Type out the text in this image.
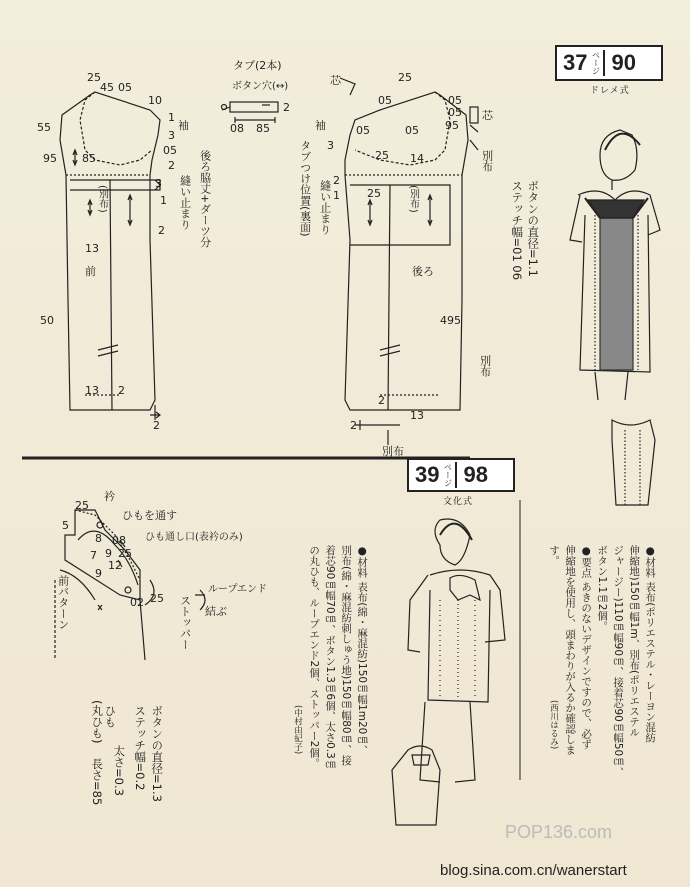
37 ページ 90
ドレメ式
39 ページ 98
文化式
タブ(2本)
ボタン穴(↔)
08 85
2
25
45 05
10
1
55
95 85
3
05
2
3
1
2
13
50
13 2
2
袖
前
(別布)	後ろ脇丈+ダーツ分
縫い止まり
25
05	05
05
95
3
05	05
25
2
14
25
495
2
13
2
1
袖
後ろ
(別布)
タブつけ位置(裏面) 縫い止まり
芯
芯
別布
別布
別布
ボタンの直径=1.1
ステッチ幅=01 06
●材料 表布(ポリエステル・レーヨン混紡
伸縮地)150㎝幅1m、別布(ポリエステル
ジャージー)110㎝幅90㎝、接着芯90㎝幅50㎝、
ボタン1.1㎝2個。
●要点 あきのないデザインですので、必ず
伸縮地を使用し、頭まわりが入るか確認しま
す。
(西川はるみ)
衿
ひもを通す
ひも通し口(表衿のみ)
25
5
8
7 9
08
25
12
9
02 25
前パターン	ループエンド
ストッパー 結ぶ
ボタンの直径=1.3
ステッチ幅=0.2
太さ=0.3
ひも
(丸ひも)
長さ=85
●材料 表布(綿・麻混紡)150㎝幅1m20㎝、
別布(綿・麻混紡刺しゅう地)150㎝幅80㎝、接
着芯90㎝幅70㎝、ボタン1.3㎝6個、太さ0.3㎝
の丸ひも、ループエンド2個、ストッパー2個。
(中村由紀子)
POP136.com
blog.sina.com.cn/wanerstart
